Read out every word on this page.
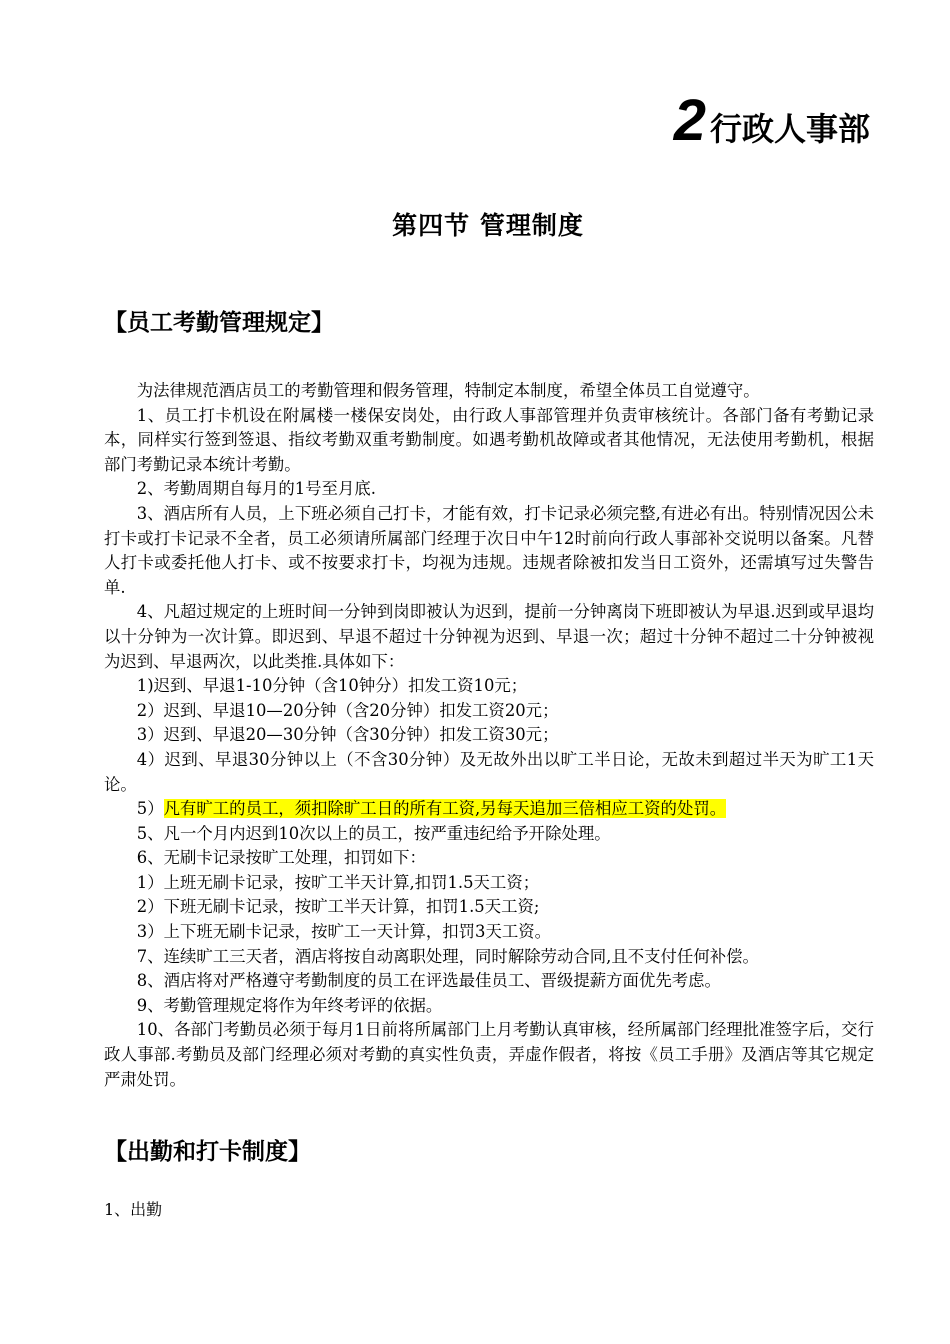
2 行政人事部
第四节 管理制度
【员工考勤管理规定】

为法律规范酒店员工的考勤管理和假务管理，特制定本制度，希望全体员工自觉遵守。

1、员工打卡机设在附属楼一楼保安岗处，由行政人事部管理并负责审核统计。各部门备有考勤记录本，同样实行签到签退、指纹考勤双重考勤制度。如遇考勤机故障或者其他情况，无法使用考勤机，根据部门考勤记录本统计考勤。

2、考勤周期自每月的1号至月底.

3、酒店所有人员，上下班必须自己打卡，才能有效，打卡记录必须完整,有进必有出。特别情况因公未打卡或打卡记录不全者，员工必须请所属部门经理于次日中午12时前向行政人事部补交说明以备案。凡替人打卡或委托他人打卡、或不按要求打卡，均视为违规。违规者除被扣发当日工资外，还需填写过失警告单.

4、凡超过规定的上班时间一分钟到岗即被认为迟到，提前一分钟离岗下班即被认为早退.迟到或早退均以十分钟为一次计算。即迟到、早退不超过十分钟视为迟到、早退一次；超过十分钟不超过二十分钟被视为迟到、早退两次，以此类推.具体如下：

1)迟到、早退1-10分钟（含10钟分）扣发工资10元；

2）迟到、早退10—20分钟（含20分钟）扣发工资20元；

3）迟到、早退20—30分钟（含30分钟）扣发工资30元；

4）迟到、早退30分钟以上（不含30分钟）及无故外出以旷工半日论，无故未到超过半天为旷工1天论。

5）凡有旷工的员工，须扣除旷工日的所有工资,另每天追加三倍相应工资的处罚。

5、凡一个月内迟到10次以上的员工，按严重违纪给予开除处理。

6、无刷卡记录按旷工处理，扣罚如下：

1）上班无刷卡记录，按旷工半天计算,扣罚1.5天工资；

2）下班无刷卡记录，按旷工半天计算，扣罚1.5天工资;

3）上下班无刷卡记录，按旷工一天计算，扣罚3天工资。

7、连续旷工三天者，酒店将按自动离职处理，同时解除劳动合同,且不支付任何补偿。

8、酒店将对严格遵守考勤制度的员工在评选最佳员工、晋级提薪方面优先考虑。

9、考勤管理规定将作为年终考评的依据。

10、各部门考勤员必须于每月1日前将所属部门上月考勤认真审核，经所属部门经理批准签字后，交行政人事部.考勤员及部门经理必须对考勤的真实性负责，弄虚作假者，将按《员工手册》及酒店等其它规定严肃处罚。

【出勤和打卡制度】
1、出勤
